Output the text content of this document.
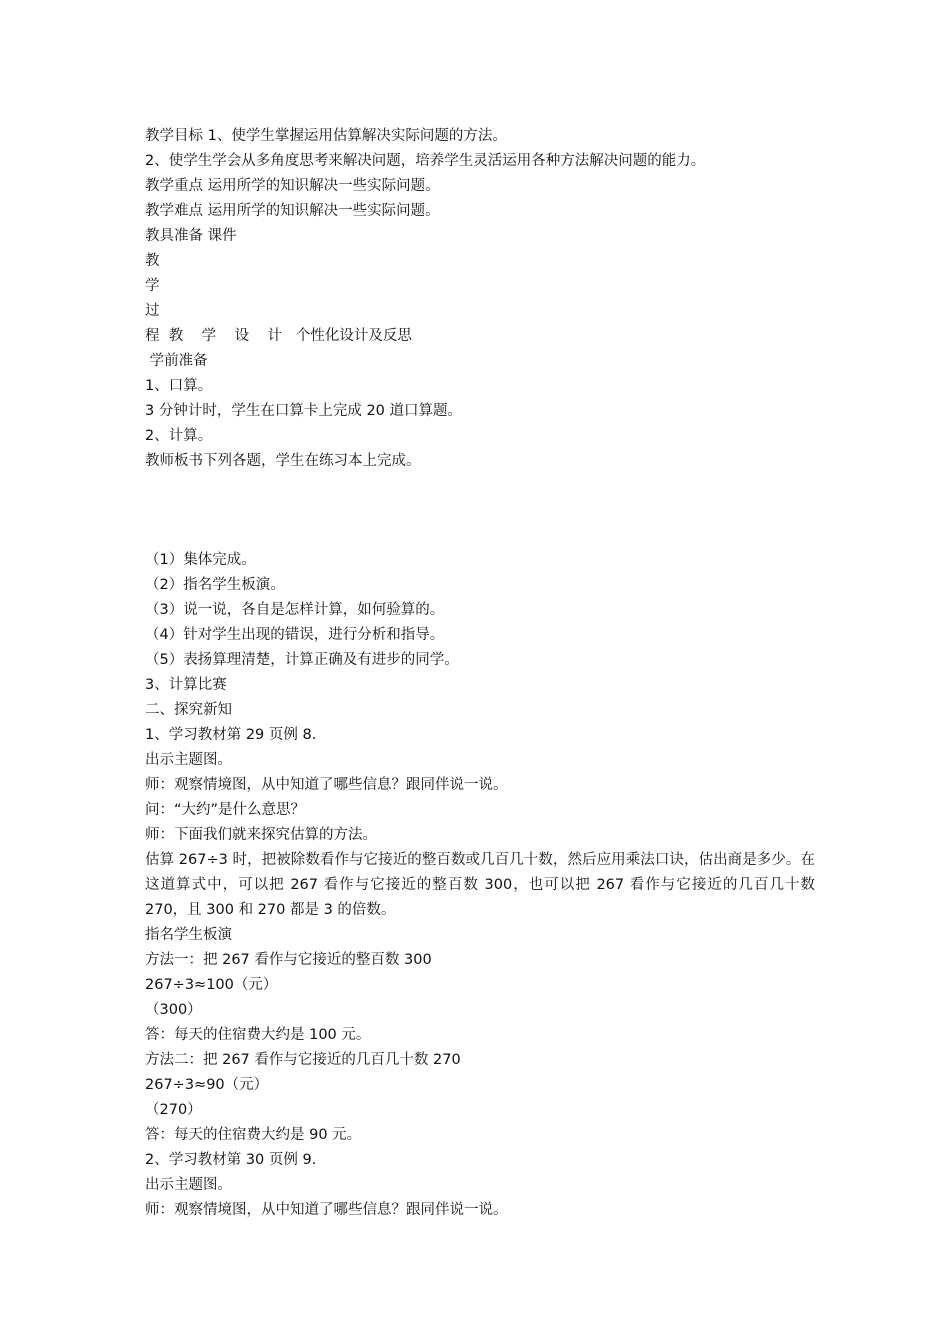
教学目标 1、使学生掌握运用估算解决实际问题的方法。

2、使学生学会从多角度思考来解决问题，培养学生灵活运用各种方法解决问题的能力。

教学重点 运用所学的知识解决一些实际问题。

教学难点 运用所学的知识解决一些实际问题。

教具准备 课件

教

学

过

程  教    学    设    计   个性化设计及反思

学前准备

1、口算。

3 分钟计时，学生在口算卡上完成 20 道口算题。

2、计算。

教师板书下列各题，学生在练习本上完成。

（1）集体完成。

（2）指名学生板演。

（3）说一说，各自是怎样计算，如何验算的。

（4）针对学生出现的错误，进行分析和指导。

（5）表扬算理清楚，计算正确及有进步的同学。

3、计算比赛

二、探究新知

1、学习教材第 29 页例 8.

出示主题图。

师：观察情境图，从中知道了哪些信息？跟同伴说一说。

问：“大约”是什么意思？

师：下面我们就来探究估算的方法。

估算 267÷3 时，把被除数看作与它接近的整百数或几百几十数，然后应用乘法口诀，估出商是多少。在这道算式中，可以把 267 看作与它接近的整百数 300，也可以把 267 看作与它接近的几百几十数 270，且 300 和 270 都是 3 的倍数。

指名学生板演

方法一：把 267 看作与它接近的整百数 300

267÷3≈100（元）

（300）

答：每天的住宿费大约是 100 元。

方法二：把 267 看作与它接近的几百几十数 270

267÷3≈90（元）

（270）

答：每天的住宿费大约是 90 元。

2、学习教材第 30 页例 9.

出示主题图。

师：观察情境图，从中知道了哪些信息？跟同伴说一说。
